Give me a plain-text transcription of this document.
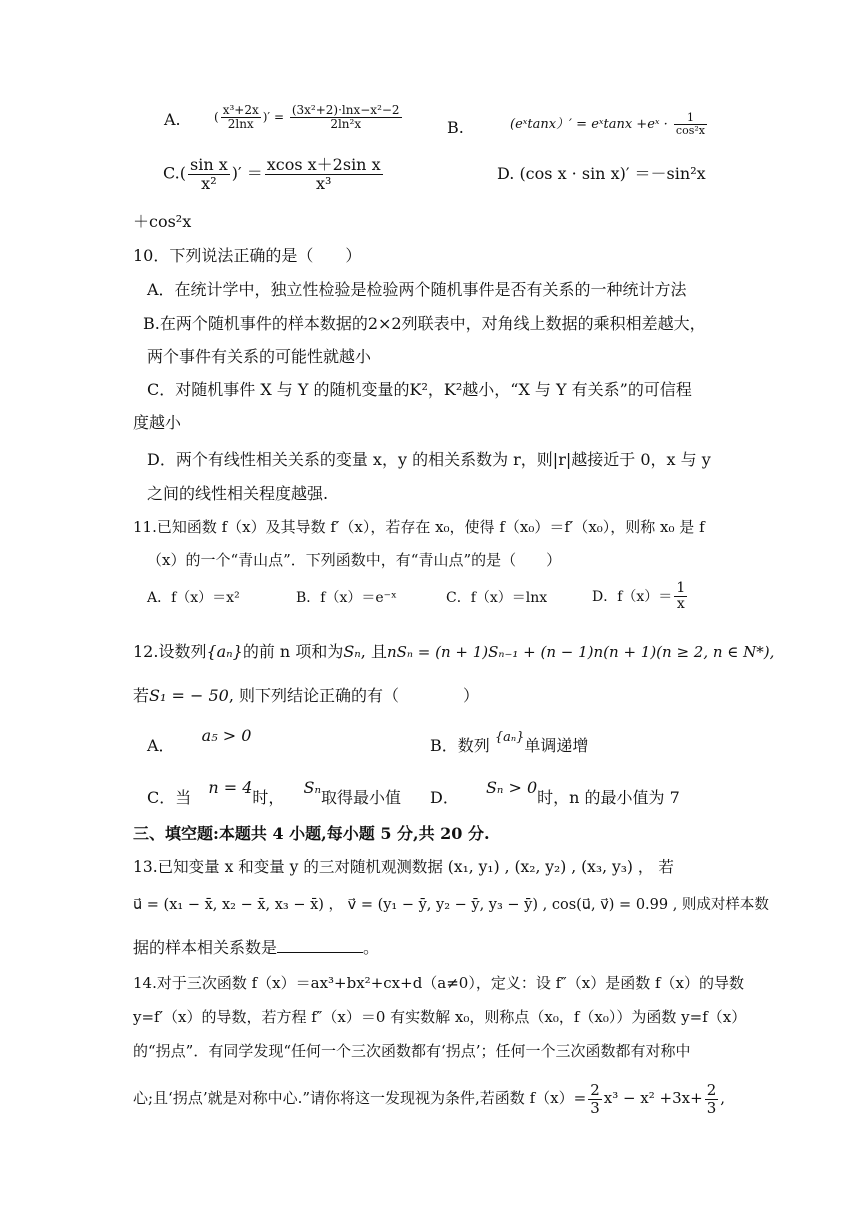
A.	( $\frac{\text{x³+2x}}{2\ln x}$ )′ = $\frac{\text{(3x²+2)·lnx−x²−2}}{\text{2ln²x}}$	B.	(eˣtanx）′ = eˣtanx +eˣ · $\frac{1}{\text{cos²x}}$
$C.( \frac{\text{sin x}}{\text{x²}}$ )′ ＝ $\frac{\text{xcos x＋2sin x}}{\text{x³}}$	D. (cos x · sin x)′ ＝－sin²x
＋cos²x
10．下列说法正确的是（　　）
A．在统计学中，独立性检验是检验两个随机事件是否有关系的一种统计方法
B.在两个随机事件的样本数据的2×2列联表中，对角线上数据的乘积相差越大，
两个事件有关系的可能性就越小
C．对随机事件 X 与 Y 的随机变量的K²，K²越小，“X 与 Y 有关系”的可信程
度越小
D．两个有线性相关关系的变量 x，y 的相关系数为 r，则|r|越接近于 0，x 与 y
之间的线性相关程度越强.
11.已知函数 f（x）及其导数 f′（x），若存在 x₀，使得 f（x₀）＝f′（x₀），则称 x₀ 是 f
（x）的一个“青山点”．下列函数中，有“青山点”的是（　　）
A．f（x）＝x²	B．f（x）＝e⁻ˣ	C．f（x）＝lnx	D．$f(x)= \frac{1}{x}$
12.设数列{aₙ}的前 n 项和为Sₙ, 且nSₙ = (n + 1)Sₙ₋₁ + (n − 1)n(n + 1)(n ≥ 2, n ∈ N*),
若S₁ = − 50, 则下列结论正确的有（　　　　）
A． a₅ > 0
B．数列 $^{\{a_n\}}$单调递增
C．当 n = 4时， Sₙ取得最小值 D． Sₙ > 0时，n 的最小值为 7
三、填空题:本题共 4 小题,每小题 5 分,共 20 分.
13.已知变量 x 和变量 y 的三对随机观测数据 (x₁, y₁) , (x₂, y₂) , (x₃, y₃) ， 若
u⃗ = (x₁ − x̄, x₂ − x̄, x₃ − x̄) ， v⃗ = (y₁ − ȳ, y₂ − ȳ, y₃ − ȳ) , cos(u⃗, v⃗) = 0.99 , 则成对样本数
据的样本相关系数是	。
14.对于三次函数 f（x）＝ax³+bx²+cx+d（a≠0），定义：设 f″（x）是函数 f（x）的导数
y=f′（x）的导数，若方程 f″（x）＝0 有实数解 x₀，则称点（x₀，f（x₀））为函数 y=f（x）
的“拐点”．有同学发现“任何一个三次函数都有‘拐点’；任何一个三次函数都有对称中
心;且‘拐点’就是对称中心.”请你将这一发现视为条件,若函数 $f(x)= \frac{2}{3} x^3 - x^2 +3x+ \frac{2}{3}$ ,
